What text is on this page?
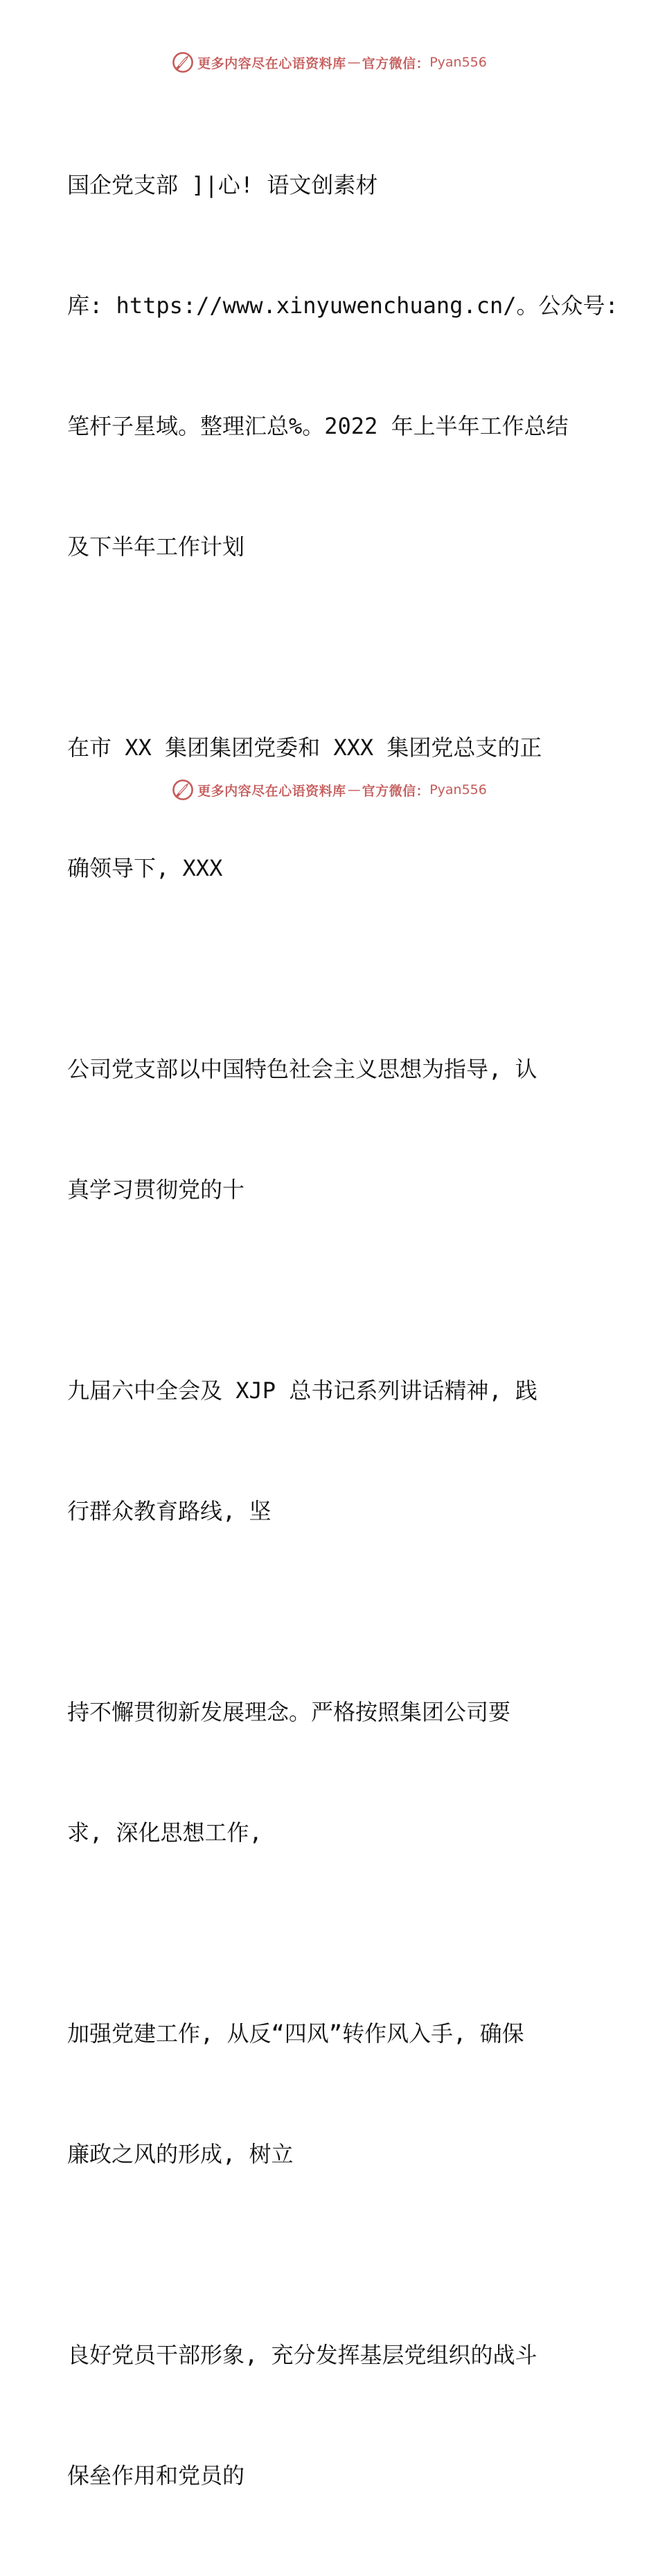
更多内容尽在心语资料库 — 官方微信： Pyan556

国企党支部 ]|心! 语文创素材

库: https://www.xinyuwenchuang.cn/。公众号:

笔杆子星域。整理汇总%。2022 年上半年工作总结

及下半年工作计划

在市 XX 集团集团党委和 XXX 集团党总支的正

确领导下, XXX

公司党支部以中国特色社会主义思想为指导, 认

真学习贯彻党的十

九届六中全会及 XJP 总书记系列讲话精神, 践

行群众教育路线, 坚

持不懈贯彻新发展理念。严格按照集团公司要

求, 深化思想工作,

加强党建工作, 从反“四风”转作风入手, 确保

廉政之风的形成, 树立

良好党员干部形象, 充分发挥基层党组织的战斗

保垒作用和党员的

更多内容尽在心语资料库 — 官方微信： Pyan556
